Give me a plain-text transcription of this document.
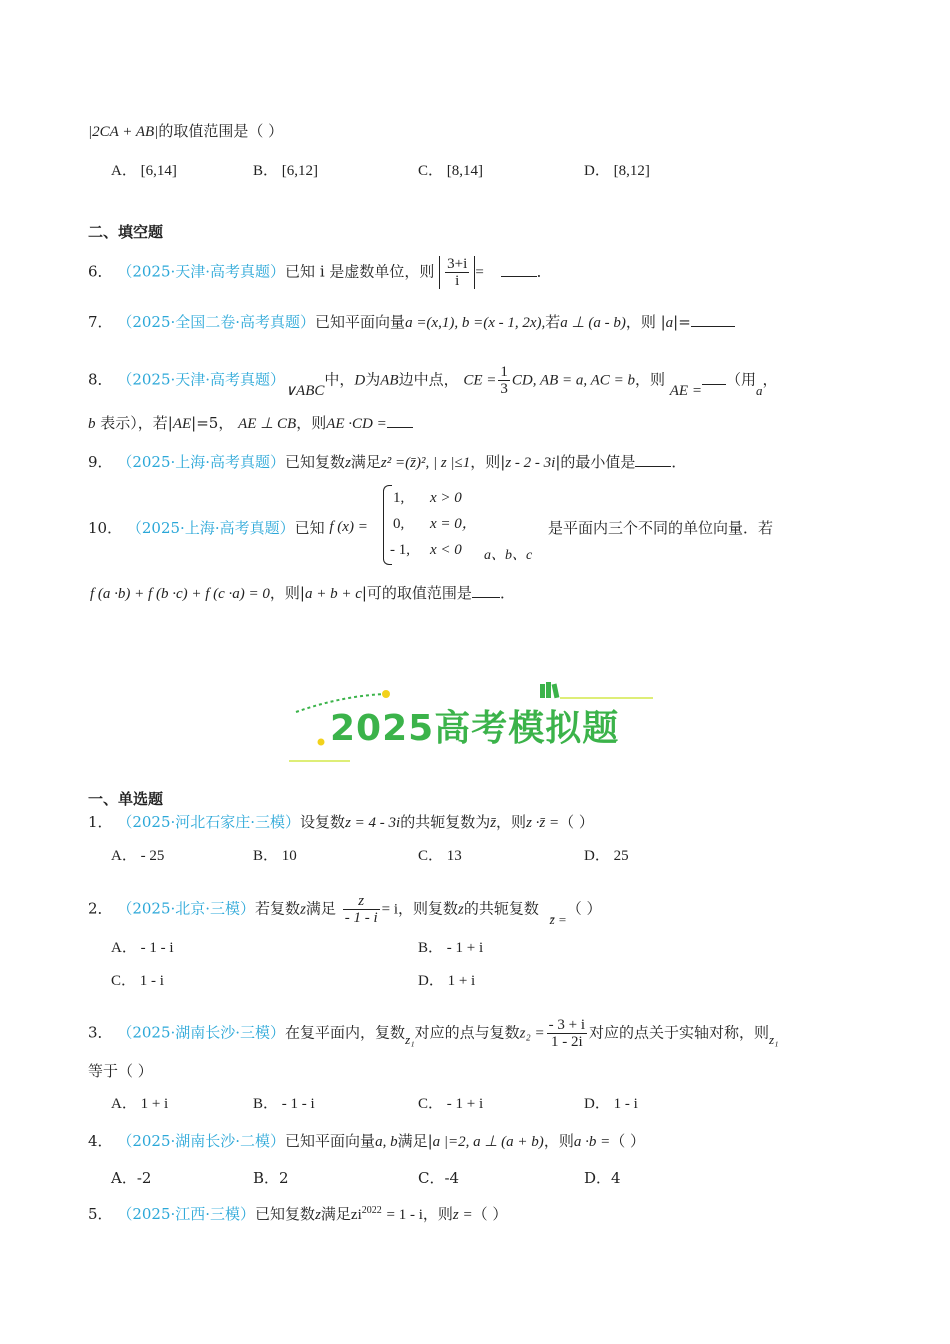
|2CA + AB|的取值范围是（ ）
A． [6,14]	B． [6,12]	C． [8,14]	D． [8,12]
二、填空题
6． （2025·天津·高考真题）已知 i 是虚数单位，则 $\frac{3+i}{i}$ =	．
7． （2025·全国二卷·高考真题）已知平面向量a =(x,1), b =(x - 1, 2x),若a ⊥ (a - b)，则 |a|=
8． （2025·天津·高考真题）∨ABC中，D为AB边中点， CE = $\frac{1}{3}$ CD, AB = a, AC = b，则 AE =（用a，
b 表示），若|AE|=5， AE ⊥ CB，则AE ·CD =
9． （2025·上海·高考真题）已知复数z满足z² =(z̄)², | z |≤1，则|z - 2 - 3i|的最小值是 ．
10． （2025·上海·高考真题）已知 f (x) =
1, x > 0
0, x = 0，
- 1, x < 0 a、b、c
是平面内三个不同的单位向量．若
f (a ·b) + f (b ·c) + f (c ·a) = 0，则|a + b + c|可的取值范围是 ．
2025高考模拟题
一、单选题
1． （2025·河北石家庄·三模）设复数z = 4 - 3i的共轭复数为z̄，则z ·z̄ =（ ）
A． - 25	B． 10	C． 13	D． 25
2． （2025·北京·三模）若复数z满足 $\frac{z}{- 1 - i} = i$，则复数z的共轭复数 z̄ =（ ）
A． - 1 - i	B． - 1 + i
C． 1 - i	D． 1 + i
3． （2025·湖南长沙·三模）在复平面内，复数z₁对应的点与复数$z_2 = \frac{- 3 + i}{1 - 2i}$ 对应的点关于实轴对称，则z₁
等于（ ）
A． 1 + i	B． - 1 - i	C． - 1 + i	D． 1 - i
4． （2025·湖南长沙·二模）已知平面向量a, b满足|a |=2, a ⊥ (a + b)，则a ·b =（ ）
A．-2	B．2	C．-4	D．4
5． （2025·江西·三模）已知复数z满足$zi^{2022} = 1 - i$，则z =（ ）
